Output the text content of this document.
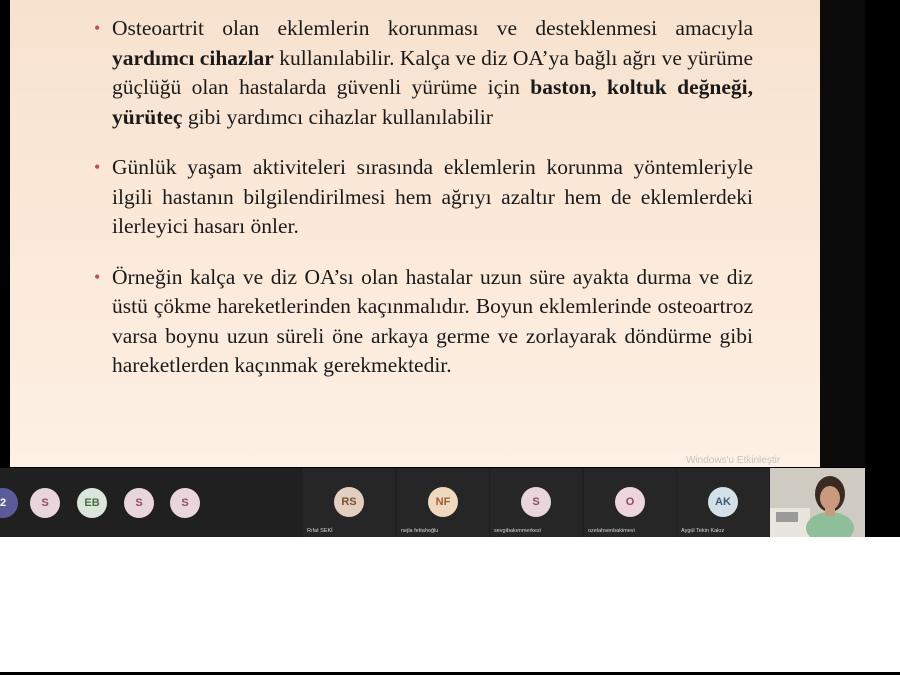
• Osteoartrit olan eklemlerin korunması ve desteklenmesi amacıyla yardımcı cihazlar kullanılabilir. Kalça ve diz OA’ya bağlı ağrı ve yürüme güçlüğü olan hastalarda güvenli yürüme için baston, koltuk değneği, yürüteç gibi yardımcı cihazlar kullanılabilir
• Günlük yaşam aktiviteleri sırasında eklemlerin korunma yöntemleriyle ilgili hastanın bilgilendirilmesi hem ağrıyı azaltır hem de eklemlerdeki ilerleyici hasarı önler.
• Örneğin kalça ve diz OA’sı olan hastalar uzun süre ayakta durma ve diz üstü çökme hareketlerinden kaçınmalıdır. Boyun eklemlerinde osteoartroz varsa boynu uzun süreli öne arkaya germe ve zorlayarak döndürme gibi hareketlerden kaçınmak gerekmektedir.
Windows'u Etkinleştir
2	S	EB	S	S	RS
Rıfat SEKİ
NF
nejla fettahoğlu
S
sevgibakımmerkezi
O
ozelahsenbakimevi
AK
Aygül Tekin Kakız
